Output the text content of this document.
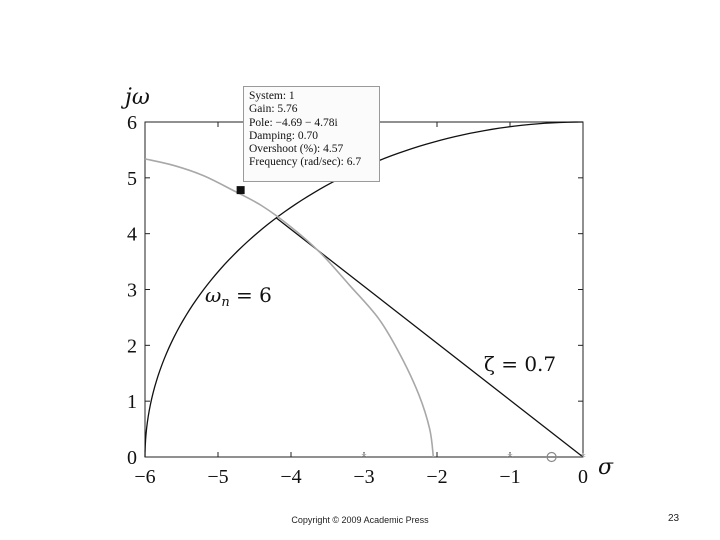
−6	−5	−4	−3	−2	−1	0
0
1
2
3
4
5
6
*	*	*
jω
σ
$\omega_n = 6$
ζ = 0.7
System: 1
Gain: 5.76
Pole: −4.69 − 4.78i
Damping: 0.70
Overshoot (%): 4.57
Frequency (rad/sec): 6.7
Copyright © 2009 Academic Press	23
